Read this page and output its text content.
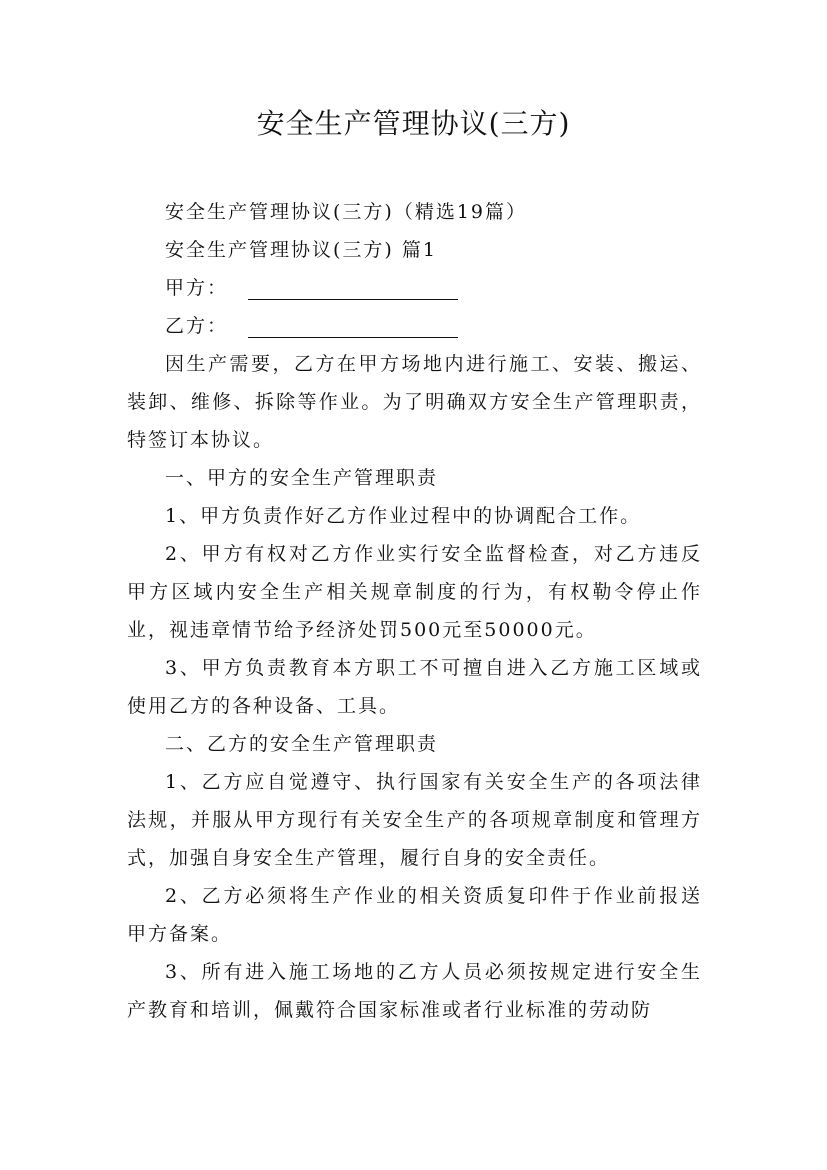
安全生产管理协议(三方)

安全生产管理协议(三方)（精选19篇）

安全生产管理协议(三方) 篇1

甲方：

乙方：

因生产需要，乙方在甲方场地内进行施工、安装、搬运、装卸、维修、拆除等作业。为了明确双方安全生产管理职责，特签订本协议。

一、甲方的安全生产管理职责

1、甲方负责作好乙方作业过程中的协调配合工作。

2、甲方有权对乙方作业实行安全监督检查，对乙方违反甲方区域内安全生产相关规章制度的行为，有权勒令停止作业，视违章情节给予经济处罚500元至50000元。

3、甲方负责教育本方职工不可擅自进入乙方施工区域或使用乙方的各种设备、工具。

二、乙方的安全生产管理职责

1、乙方应自觉遵守、执行国家有关安全生产的各项法律法规，并服从甲方现行有关安全生产的各项规章制度和管理方式，加强自身安全生产管理，履行自身的安全责任。

2、乙方必须将生产作业的相关资质复印件于作业前报送甲方备案。

3、所有进入施工场地的乙方人员必须按规定进行安全生产教育和培训，佩戴符合国家标准或者行业标准的劳动防
